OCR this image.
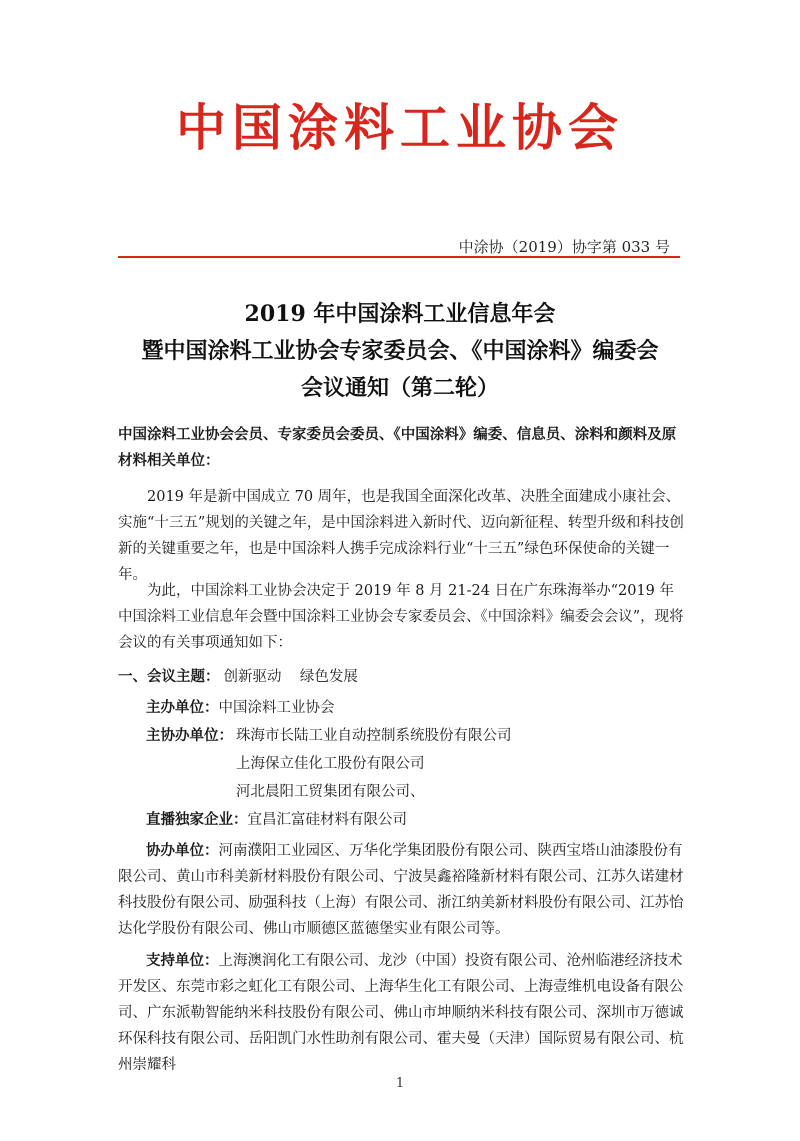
中国涂料工业协会
中涂协（2019）协字第 033 号
2019 年中国涂料工业信息年会
暨中国涂料工业协会专家委员会、《中国涂料》编委会
会议通知（第二轮）
中国涂料工业协会会员、专家委员会委员、《中国涂料》编委、信息员、涂料和颜料及原材料相关单位：

2019 年是新中国成立 70 周年，也是我国全面深化改革、决胜全面建成小康社会、实施“十三五”规划的关键之年，是中国涂料进入新时代、迈向新征程、转型升级和科技创新的关键重要之年，也是中国涂料人携手完成涂料行业“十三五”绿色环保使命的关键一年。

为此，中国涂料工业协会决定于 2019 年 8 月 21-24 日在广东珠海举办“2019 年中国涂料工业信息年会暨中国涂料工业协会专家委员会、《中国涂料》编委会会议”，现将会议的有关事项通知如下：

一、会议主题： 创新驱动    绿色发展
主办单位：中国涂料工业协会
主协办单位： 珠海市长陆工业自动控制系统股份有限公司
上海保立佳化工股份有限公司
河北晨阳工贸集团有限公司、
直播独家企业：宜昌汇富硅材料有限公司
协办单位：河南濮阳工业园区、万华化学集团股份有限公司、陕西宝塔山油漆股份有限公司、黄山市科美新材料股份有限公司、宁波昊鑫裕隆新材料有限公司、江苏久诺建材科技股份有限公司、励强科技（上海）有限公司、浙江纳美新材料股份有限公司、江苏怡达化学股份有限公司、佛山市顺德区蓝德堡实业有限公司等。
支持单位：上海澳润化工有限公司、龙沙（中国）投资有限公司、沧州临港经济技术开发区、东莞市彩之虹化工有限公司、上海华生化工有限公司、上海壹维机电设备有限公司、广东派勒智能纳米科技股份有限公司、佛山市坤顺纳米科技有限公司、深圳市万德诚环保科技有限公司、岳阳凯门水性助剂有限公司、霍夫曼（天津）国际贸易有限公司、杭州崇耀科
1
